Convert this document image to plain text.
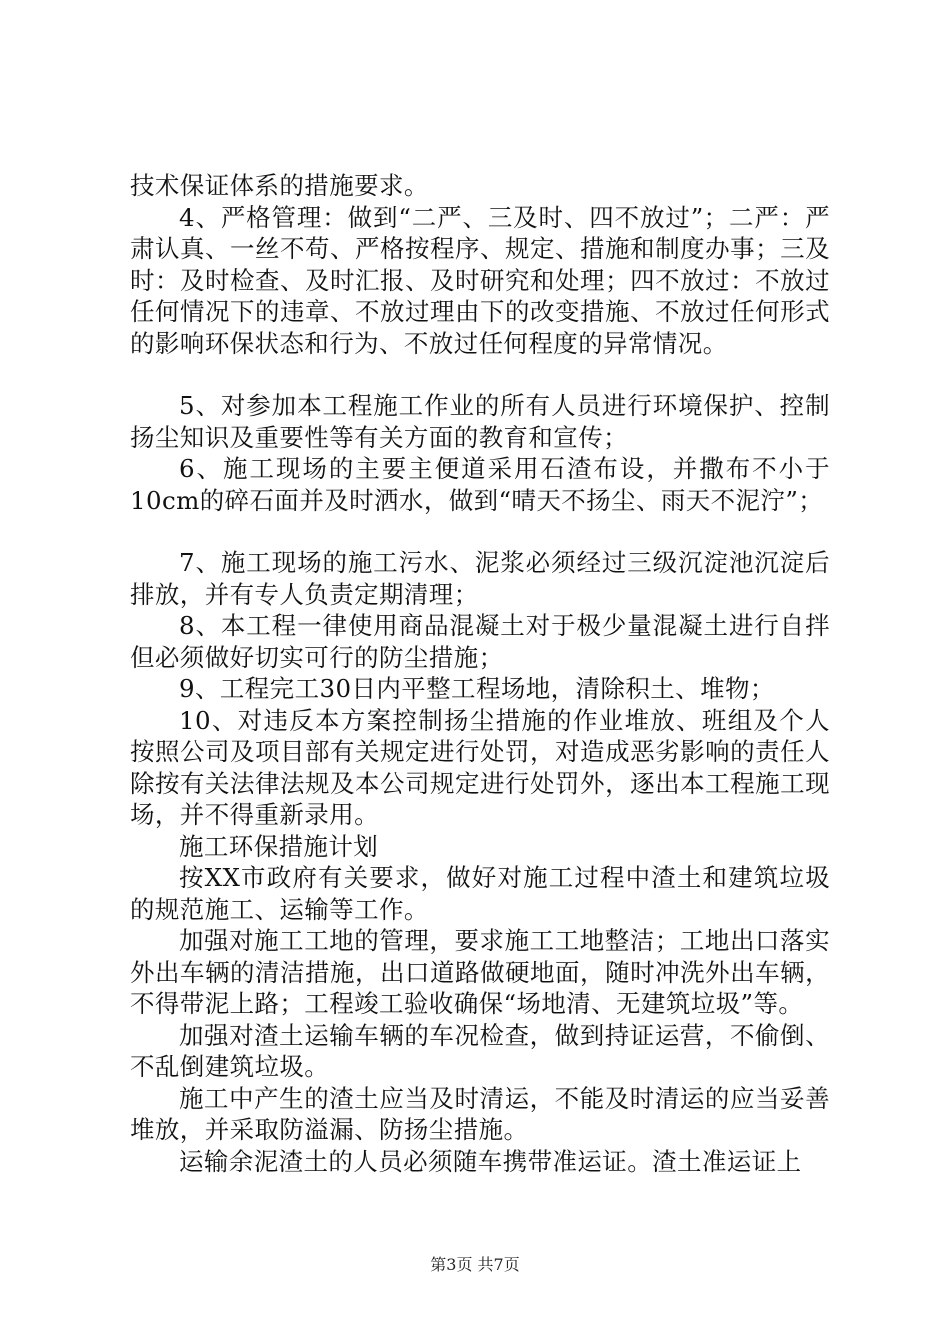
技术保证体系的措施要求。

4、严格管理：做到“二严、三及时、四不放过”；二严：严肃认真、一丝不苟、严格按程序、规定、措施和制度办事；三及时：及时检查、及时汇报、及时研究和处理；四不放过：不放过任何情况下的违章、不放过理由下的改变措施、不放过任何形式的影响环保状态和行为、不放过任何程度的异常情况。

5、对参加本工程施工作业的所有人员进行环境保护、控制扬尘知识及重要性等有关方面的教育和宣传；

6、施工现场的主要主便道采用石渣布设，并撒布不小于10cm的碎石面并及时洒水，做到“晴天不扬尘、雨天不泥泞”；

7、施工现场的施工污水、泥浆必须经过三级沉淀池沉淀后排放，并有专人负责定期清理；

8、本工程一律使用商品混凝土对于极少量混凝土进行自拌但必须做好切实可行的防尘措施；

9、工程完工30日内平整工程场地，清除积土、堆物；

10、对违反本方案控制扬尘措施的作业堆放、班组及个人按照公司及项目部有关规定进行处罚，对造成恶劣影响的责任人除按有关法律法规及本公司规定进行处罚外，逐出本工程施工现场，并不得重新录用。

施工环保措施计划

按XX市政府有关要求，做好对施工过程中渣土和建筑垃圾的规范施工、运输等工作。

加强对施工工地的管理，要求施工工地整洁；工地出口落实外出车辆的清洁措施，出口道路做硬地面，随时冲洗外出车辆，不得带泥上路；工程竣工验收确保“场地清、无建筑垃圾”等。

加强对渣土运输车辆的车况检查，做到持证运营，不偷倒、不乱倒建筑垃圾。

施工中产生的渣土应当及时清运，不能及时清运的应当妥善堆放，并采取防溢漏、防扬尘措施。

运输余泥渣土的人员必须随车携带准运证。渣土准运证上

第3页 共7页
